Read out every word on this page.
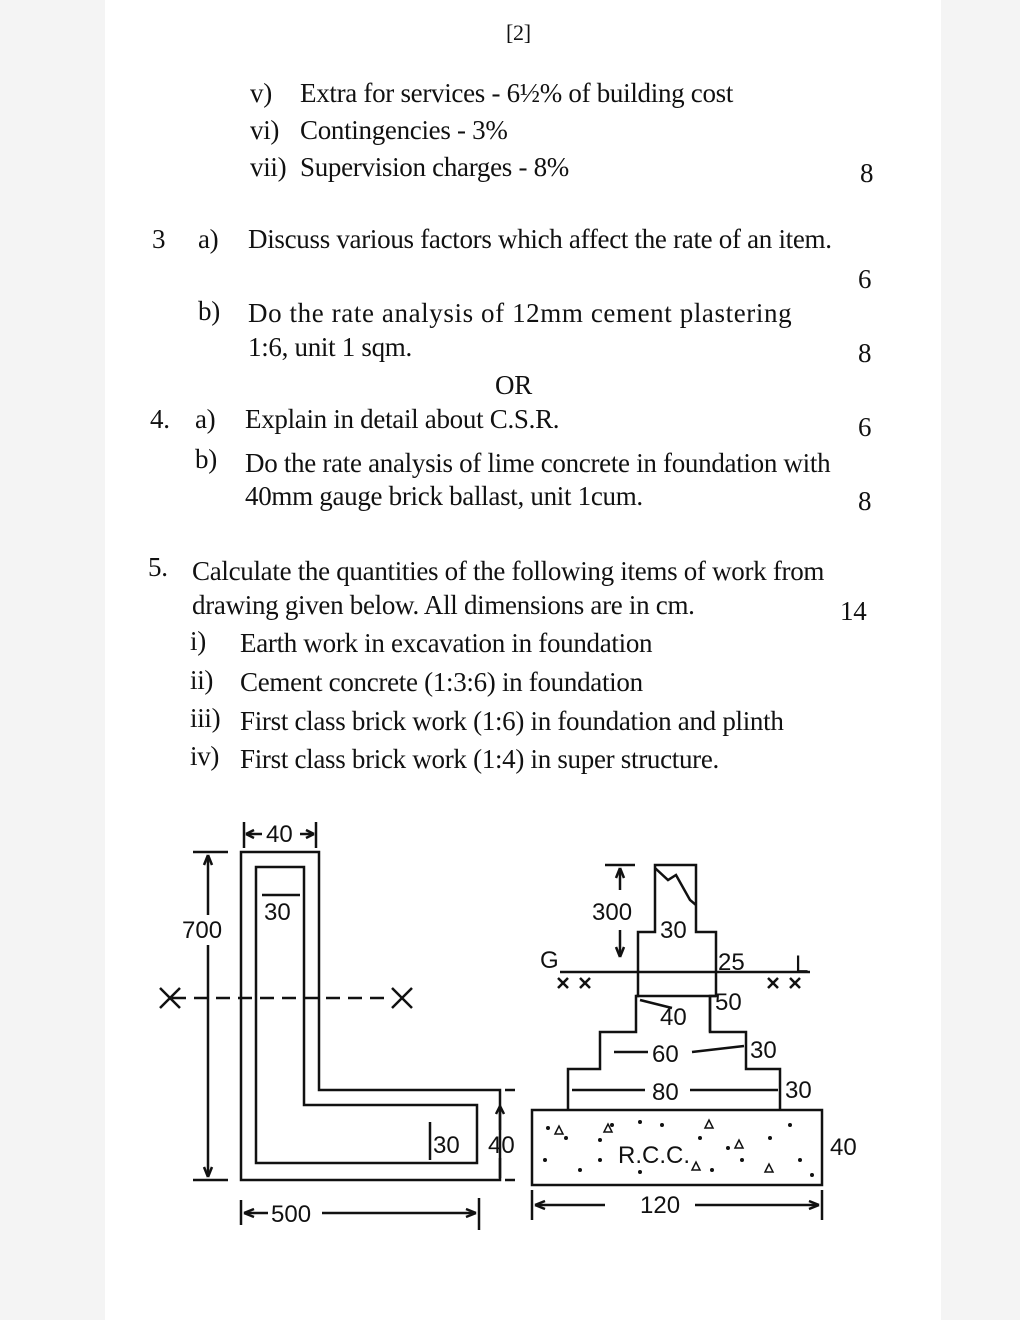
[2]
v) Extra for services - 6½% of building cost
vi) Contingencies - 3%
vii) Supervision charges - 8%	8
3 a) Discuss various factors which affect the rate of an item.
6
b) Do the rate analysis of 12mm cement plastering
1:6, unit 1 sqm.	8
OR
4. a) Explain in detail about C.S.R.	6
b) Do the rate analysis of lime concrete in foundation with
40mm gauge brick ballast, unit 1cum.	8
5. Calculate the quantities of the following items of work from
drawing given below. All dimensions are in cm.	14
i) Earth work in excavation in foundation
ii) Cement concrete (1:3:6) in foundation
iii) First class brick work (1:6) in foundation and plinth
iv) First class brick work (1:4) in super structure.
40
30
700
30 40
500
300
30
G	L
25
50
40
60	30
80	30
R.C.C.	40
120
